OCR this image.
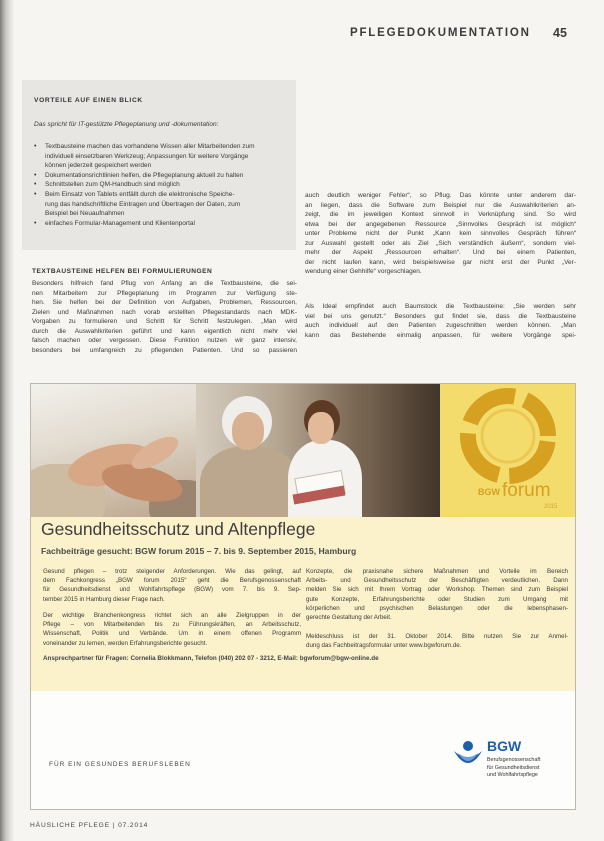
PFLEGEDOKUMENTATION 45
VORTEILE AUF EINEN BLICK
Das spricht für IT-gestützte Pflegeplanung und -dokumentation:
• Textbausteine machen das vorhandene Wissen aller Mitarbeitenden zum
individuell einsetzbaren Werkzeug; Anpassungen für weitere Vorgänge
können jederzeit gespeichert werden
• Dokumentationsrichtlinien helfen, die Pflegeplanung aktuell zu halten
• Schnittstellen zum QM-Handbuch sind möglich
• Beim Einsatz von Tablets entfällt durch die elektronische Speiche-
rung das handschriftliche Eintragen und Übertragen der Daten, zum
Beispiel bei Neuaufnahmen
• einfaches Formular-Management und Klientenportal
TEXTBAUSTEINE HELFEN BEI FORMULIERUNGEN
Besonders hilfreich fand Pflug von Anfang an die Textbausteine, die sei-
nen Mitarbeitern zur Pflegeplanung im Programm zur Verfügung ste-
hen. Sie helfen bei der Definition von Aufgaben, Problemen, Ressourcen,
Zielen und Maßnahmen nach vorab erstellten Pflegestandards nach MDK-
Vorgaben zu formulieren und Schritt für Schritt festzulegen. „Man wird
durch die Auswahlkriterien geführt und kann eigentlich nicht mehr viel
falsch machen oder vergessen. Diese Funktion nutzen wir ganz intensiv,
besonders bei umfangreich zu pflegenden Patienten. Und so passieren
auch deutlich weniger Fehler“, so Pflug. Das könnte unter anderem dar-
an liegen, dass die Software zum Beispiel nur die Auswahlkriterien an-
zeigt, die im jeweiligen Kontext sinnvoll in Verknüpfung sind. So wird
etwa bei der angegebenen Ressource „Sinnvolles Gespräch ist möglich“
unter Probleme nicht der Punkt „Kann kein sinnvolles Gespräch führen“
zur Auswahl gestellt oder als Ziel „Sich verständlich äußern“, sondern viel-
mehr der Aspekt „Ressourcen erhalten“. Und bei einem Patienten,
der nicht laufen kann, wird beispielsweise gar nicht erst der Punkt „Ver-
wendung einer Gehhilfe“ vorgeschlagen.
Als Ideal empfindet auch Baumstock die Textbausteine: „Sie werden sehr
viel bei uns genutzt.“ Besonders gut findet sie, dass die Textbausteine
auch individuell auf den Patienten zugeschnitten werden können. „Man
kann das Bestehende einmalig anpassen, für weitere Vorgänge spei-
BGW forum
2015
Gesundheitsschutz und Altenpflege
Fachbeiträge gesucht: BGW forum 2015 – 7. bis 9. September 2015, Hamburg
Gesund pflegen – trotz steigender Anforderungen. Wie das gelingt, auf
dem Fachkongress „BGW forum 2015“ geht die Berufsgenossenschaft
für Gesundheitsdienst und Wohlfahrtspflege (BGW) vom 7. bis 9. Sep-
tember 2015 in Hamburg dieser Frage nach.
Der wichtige Branchenkongress richtet sich an alle Zielgruppen in der
Pflege – von Mitarbeitenden bis zu Führungskräften, an Arbeitsschutz,
Wissenschaft, Politik und Verbände. Um in einem offenen Programm
voneinander zu lernen, werden Erfahrungsberichte gesucht.
Konzepte, die praxisnahe sichere Maßnahmen und Vorteile im Bereich
Arbeits- und Gesundheitsschutz der Beschäftigten verdeutlichen. Dann
melden Sie sich mit Ihrem Vortrag oder Workshop. Themen sind zum Beispiel
gute Konzepte, Erfahrungsberichte oder Studien zum Umgang mit
körperlichen und psychischen Belastungen oder die lebensphasen-
gerechte Gestaltung der Arbeit.
Meldeschluss ist der 31. Oktober 2014. Bitte nutzen Sie zur Anmel-
dung das Fachbeitragsformular unter www.bgwforum.de.
Ansprechpartner für Fragen: Cornelia Blokkmann, Telefon (040) 202 07 - 3212, E-Mail: bgwforum@bgw-online.de
FÜR EIN GESUNDES BERUFSLEBEN
BGW
Berufsgenossenschaft
für Gesundheitsdienst
und Wohlfahrtspflege
HÄUSLICHE PFLEGE | 07.2014
